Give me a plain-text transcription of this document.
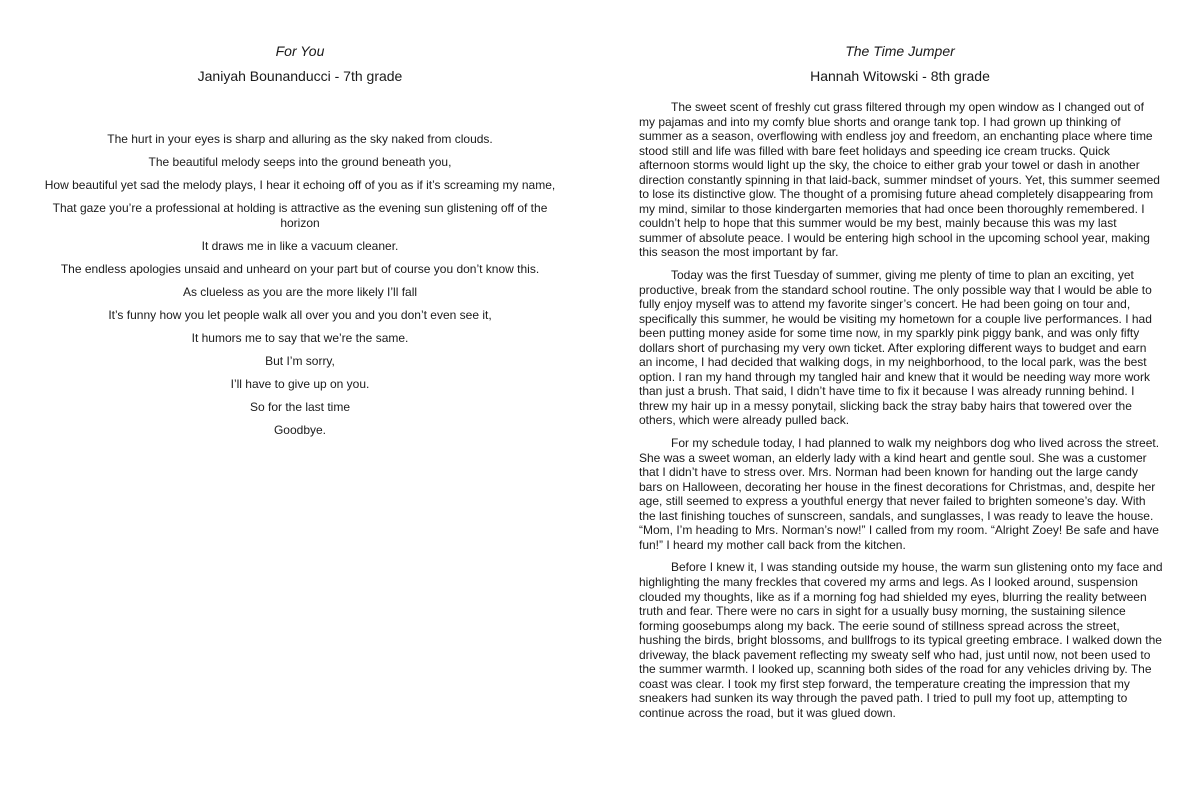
For You
Janiyah Bounanducci - 7th grade

The hurt in your eyes is sharp and alluring as the sky naked from clouds.

The beautiful melody seeps into the ground beneath you,

How beautiful yet sad the melody plays, I hear it echoing off of you as if it’s screaming my name,

That gaze you’re a professional at holding is attractive as the evening sun glistening off of the horizon

It draws me in like a vacuum cleaner.

The endless apologies unsaid and unheard on your part but of course you don’t know this.

As clueless as you are the more likely I’ll fall

It’s funny how you let people walk all over you and you don’t even see it,

It humors me to say that we’re the same.

But I’m sorry,

I’ll have to give up on you.

So for the last time

Goodbye.

The Time Jumper
Hannah Witowski - 8th grade

The sweet scent of freshly cut grass filtered through my open window as I changed out of my pajamas and into my comfy blue shorts and orange tank top. I had grown up thinking of summer as a season, overflowing with endless joy and freedom, an enchanting place where time stood still and life was filled with bare feet holidays and speeding ice cream trucks. Quick afternoon storms would light up the sky, the choice to either grab your towel or dash in another direction constantly spinning in that laid-back, summer mindset of yours. Yet, this summer seemed to lose its distinctive glow. The thought of a promising future ahead completely disappearing from my mind, similar to those kindergarten memories that had once been thoroughly remembered. I couldn’t help to hope that this summer would be my best, mainly because this was my last summer of absolute peace. I would be entering high school in the upcoming school year, making this season the most important by far.

Today was the first Tuesday of summer, giving me plenty of time to plan an exciting, yet productive, break from the standard school routine. The only possible way that I would be able to fully enjoy myself was to attend my favorite singer’s concert. He had been going on tour and, specifically this summer, he would be visiting my hometown for a couple live performances. I had been putting money aside for some time now, in my sparkly pink piggy bank, and was only fifty dollars short of purchasing my very own ticket. After exploring different ways to budget and earn an income, I had decided that walking dogs, in my neighborhood, to the local park, was the best option. I ran my hand through my tangled hair and knew that it would be needing way more work than just a brush. That said, I didn’t have time to fix it because I was already running behind. I threw my hair up in a messy ponytail, slicking back the stray baby hairs that towered over the others, which were already pulled back.

For my schedule today, I had planned to walk my neighbors dog who lived across the street. She was a sweet woman, an elderly lady with a kind heart and gentle soul. She was a customer that I didn’t have to stress over. Mrs. Norman had been known for handing out the large candy bars on Halloween, decorating her house in the finest decorations for Christmas, and, despite her age, still seemed to express a youthful energy that never failed to brighten someone’s day. With the last finishing touches of sunscreen, sandals, and sunglasses, I was ready to leave the house. “Mom, I’m heading to Mrs. Norman’s now!” I called from my room. “Alright Zoey! Be safe and have fun!” I heard my mother call back from the kitchen.

Before I knew it, I was standing outside my house, the warm sun glistening onto my face and highlighting the many freckles that covered my arms and legs. As I looked around, suspension clouded my thoughts, like as if a morning fog had shielded my eyes, blurring the reality between truth and fear. There were no cars in sight for a usually busy morning, the sustaining silence forming goosebumps along my back. The eerie sound of stillness spread across the street, hushing the birds, bright blossoms, and bullfrogs to its typical greeting embrace. I walked down the driveway, the black pavement reflecting my sweaty self who had, just until now, not been used to the summer warmth. I looked up, scanning both sides of the road for any vehicles driving by. The coast was clear. I took my first step forward, the temperature creating the impression that my sneakers had sunken its way through the paved path. I tried to pull my foot up, attempting to continue across the road, but it was glued down.
